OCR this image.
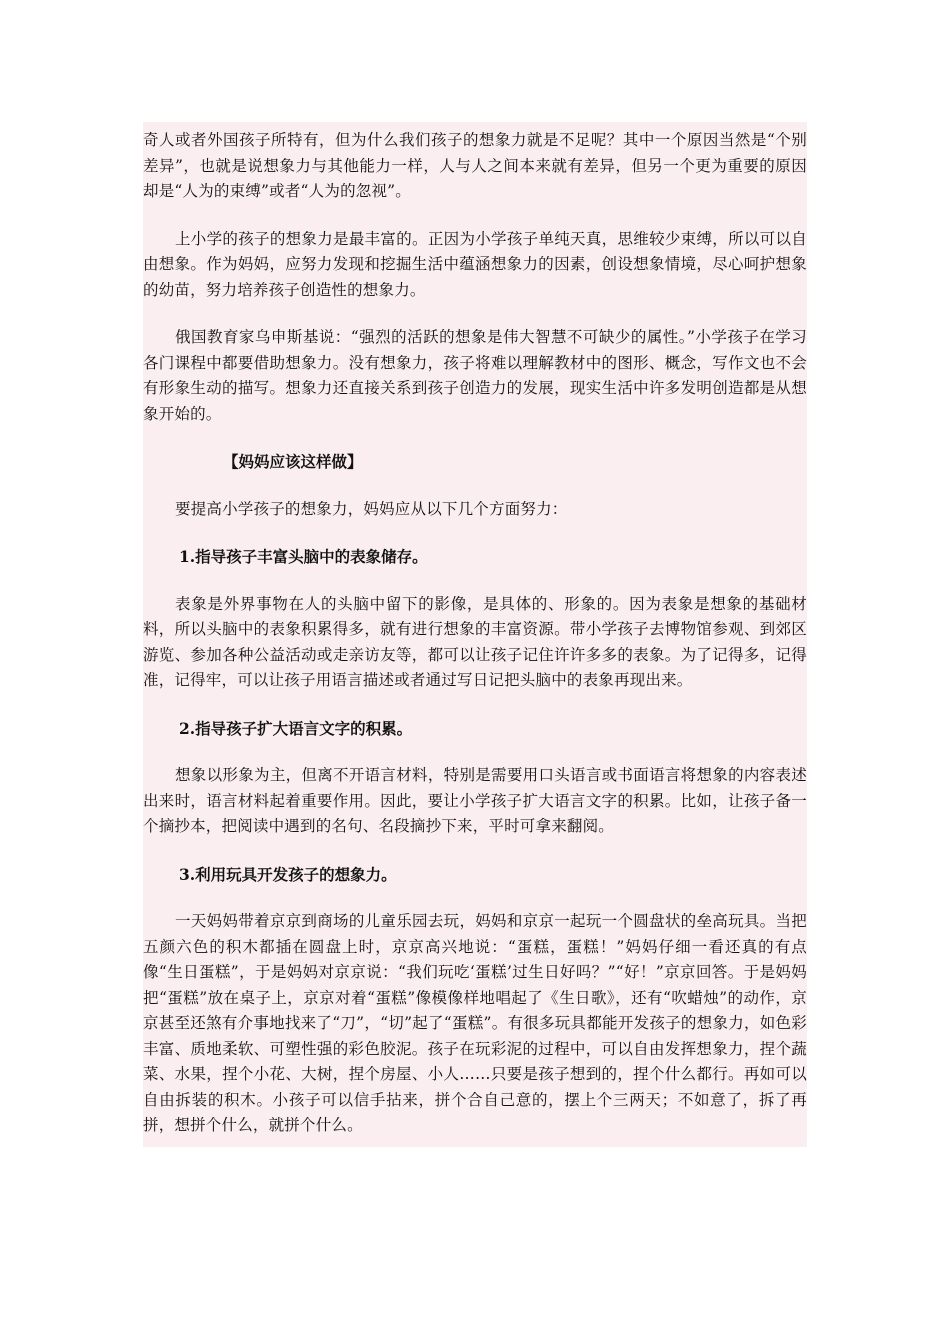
奇人或者外国孩子所特有，但为什么我们孩子的想象力就是不足呢？其中一个原因当然是“个别差异”，也就是说想象力与其他能力一样，人与人之间本来就有差异，但另一个更为重要的原因却是“人为的束缚”或者“人为的忽视”。

上小学的孩子的想象力是最丰富的。正因为小学孩子单纯天真，思维较少束缚，所以可以自由想象。作为妈妈，应努力发现和挖掘生活中蕴涵想象力的因素，创设想象情境，尽心呵护想象的幼苗，努力培养孩子创造性的想象力。

俄国教育家乌申斯基说：“强烈的活跃的想象是伟大智慧不可缺少的属性。”小学孩子在学习各门课程中都要借助想象力。没有想象力，孩子将难以理解教材中的图形、概念，写作文也不会有形象生动的描写。想象力还直接关系到孩子创造力的发展，现实生活中许多发明创造都是从想象开始的。

【妈妈应该这样做】

要提高小学孩子的想象力，妈妈应从以下几个方面努力：

1.指导孩子丰富头脑中的表象储存。

表象是外界事物在人的头脑中留下的影像，是具体的、形象的。因为表象是想象的基础材料，所以头脑中的表象积累得多，就有进行想象的丰富资源。带小学孩子去博物馆参观、到郊区游览、参加各种公益活动或走亲访友等，都可以让孩子记住许许多多的表象。为了记得多，记得准，记得牢，可以让孩子用语言描述或者通过写日记把头脑中的表象再现出来。

2.指导孩子扩大语言文字的积累。

想象以形象为主，但离不开语言材料，特别是需要用口头语言或书面语言将想象的内容表述出来时，语言材料起着重要作用。因此，要让小学孩子扩大语言文字的积累。比如，让孩子备一个摘抄本，把阅读中遇到的名句、名段摘抄下来，平时可拿来翻阅。

3.利用玩具开发孩子的想象力。

一天妈妈带着京京到商场的儿童乐园去玩，妈妈和京京一起玩一个圆盘状的垒高玩具。当把五颜六色的积木都插在圆盘上时，京京高兴地说：“蛋糕，蛋糕！”妈妈仔细一看还真的有点像“生日蛋糕”，于是妈妈对京京说：“我们玩吃‘蛋糕’过生日好吗？”“好！”京京回答。于是妈妈把“蛋糕”放在桌子上，京京对着“蛋糕”像模像样地唱起了《生日歌》，还有“吹蜡烛”的动作，京京甚至还煞有介事地找来了“刀”，“切”起了“蛋糕”。有很多玩具都能开发孩子的想象力，如色彩丰富、质地柔软、可塑性强的彩色胶泥。孩子在玩彩泥的过程中，可以自由发挥想象力，捏个蔬菜、水果，捏个小花、大树，捏个房屋、小人……只要是孩子想到的，捏个什么都行。再如可以自由拆装的积木。小孩子可以信手拈来，拼个合自己意的，摆上个三两天；不如意了，拆了再拼，想拼个什么，就拼个什么。
